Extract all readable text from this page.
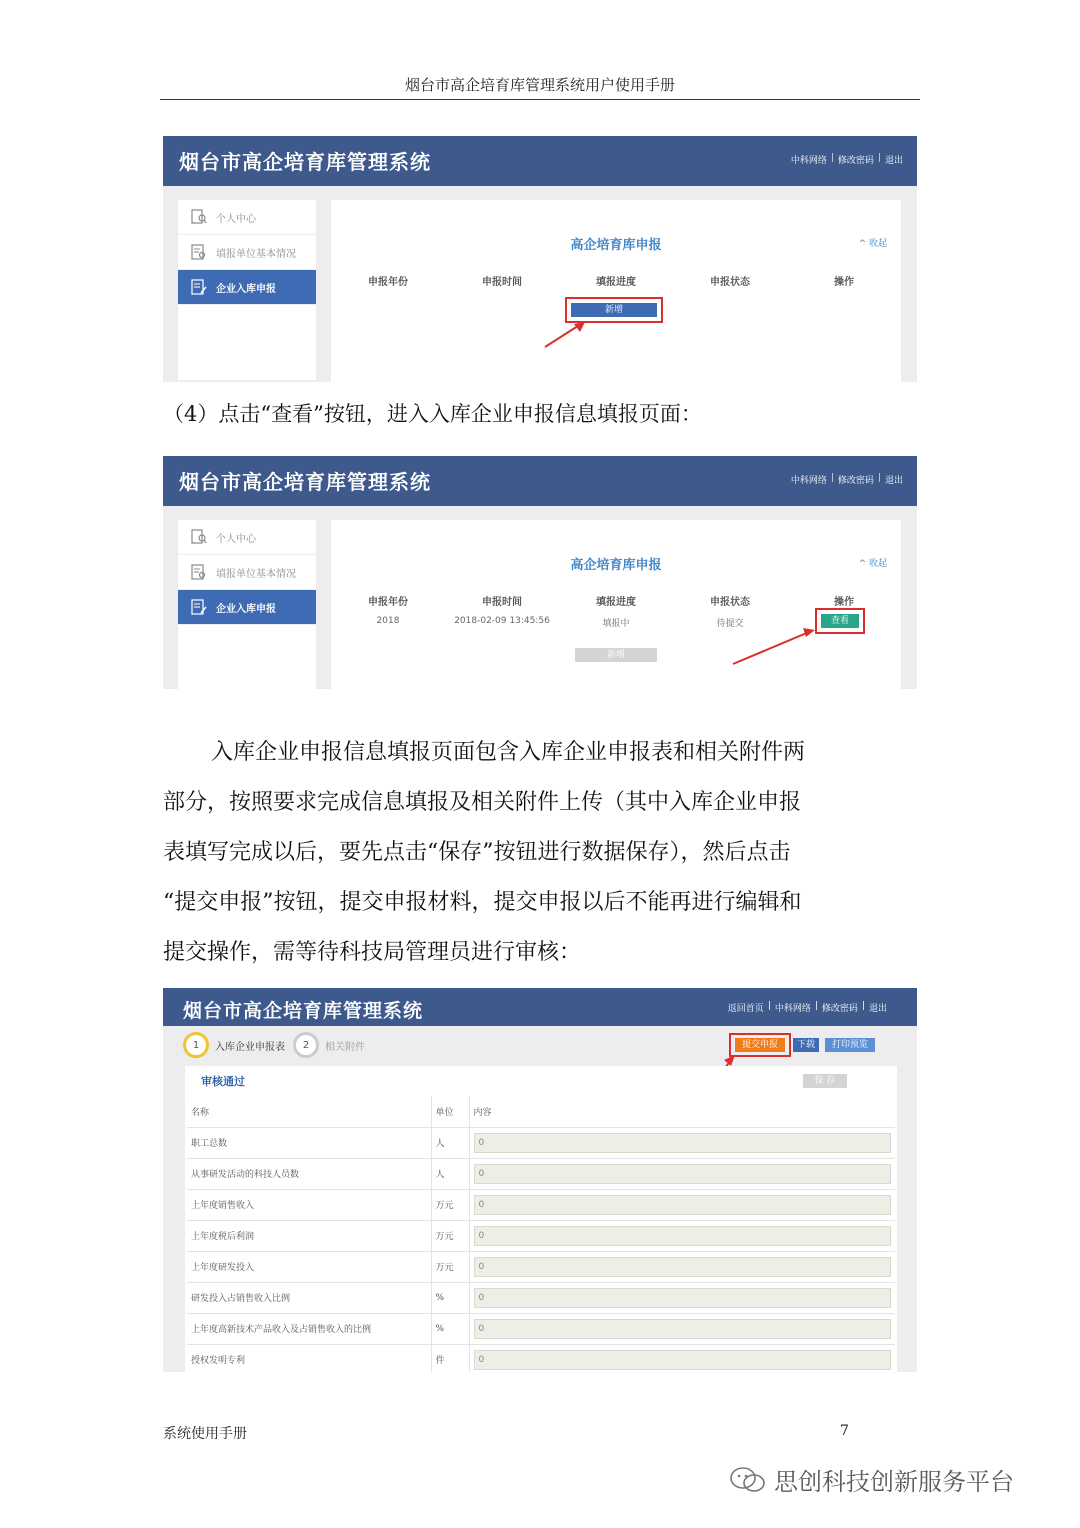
烟台市高企培育库管理系统用户使用手册
烟台市高企培育库管理系统	中科网络 | 修改密码 | 退出
个人中心
填报单位基本情况
企业入库申报
高企培育库申报	^ 收起
申报年份	申报时间	填报进度	申报状态	操作
新增
（4）点击“查看”按钮，进入入库企业申报信息填报页面：
烟台市高企培育库管理系统	中科网络 | 修改密码 | 退出
个人中心
填报单位基本情况
企业入库申报
高企培育库申报	^ 收起
申报年份	申报时间	填报进度	申报状态	操作
2018	2018-02-09 13:45:56	填报中	待提交	查看
新增
入库企业申报信息填报页面包含入库企业申报表和相关附件两
部分，按照要求完成信息填报及相关附件上传（其中入库企业申报
表填写完成以后，要先点击“保存”按钮进行数据保存），然后点击
“提交申报”按钮，提交申报材料，提交申报以后不能再进行编辑和
提交操作，需等待科技局管理员进行审核：
烟台市高企培育库管理系统	返回首页 | 中科网络 | 修改密码 | 退出
1	入库企业申报表	2	相关附件	提交申报	下载	打印预览
审核通过	保 存
名称	单位	内容
职工总数	人	0

从事研发活动的科技人员数	人	0

上年度销售收入	万元	0

上年度税后利润	万元	0

上年度研发投入	万元	0

研发投入占销售收入比例	%	0

上年度高新技术产品收入及占销售收入的比例	%	0

授权发明专利	件	0
系统使用手册	7
思创科技创新服务平台
